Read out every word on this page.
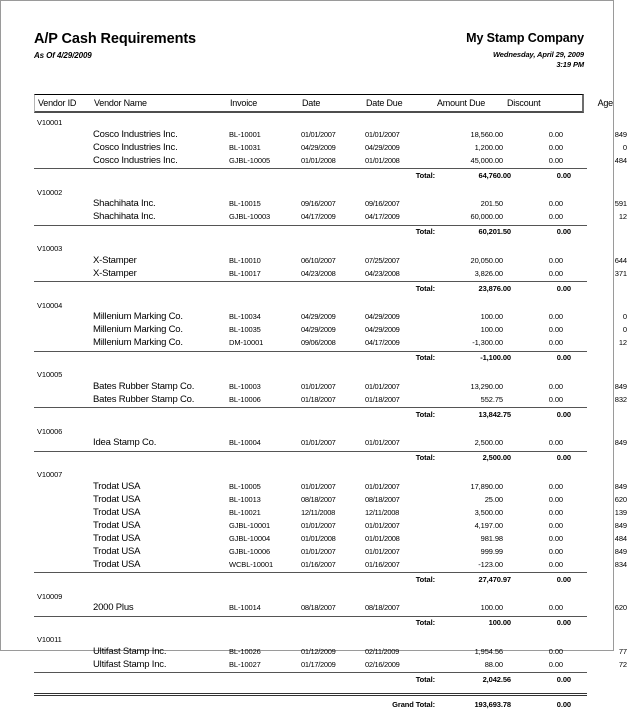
A/P Cash Requirements
As Of 4/29/2009
My Stamp Company
Wednesday, April 29, 2009
3:19 PM
Vendor ID	Vendor Name	Invoice	Date	Date Due	Amount Due	Discount	Age
V10001
Cosco Industries Inc.	BL-10001	01/01/2007	01/01/2007	18,560.00	0.00	849
Cosco Industries Inc.	BL-10031	04/29/2009	04/29/2009	1,200.00	0.00	0
Cosco Industries Inc.	GJBL-10005	01/01/2008	01/01/2008	45,000.00	0.00	484
Total:	64,760.00	0.00
V10002
Shachihata Inc.	BL-10015	09/16/2007	09/16/2007	201.50	0.00	591
Shachihata Inc.	GJBL-10003	04/17/2009	04/17/2009	60,000.00	0.00	12
Total:	60,201.50	0.00
V10003
X-Stamper	BL-10010	06/10/2007	07/25/2007	20,050.00	0.00	644
X-Stamper	BL-10017	04/23/2008	04/23/2008	3,826.00	0.00	371
Total:	23,876.00	0.00
V10004
Millenium Marking Co.	BL-10034	04/29/2009	04/29/2009	100.00	0.00	0
Millenium Marking Co.	BL-10035	04/29/2009	04/29/2009	100.00	0.00	0
Millenium Marking Co.	DM-10001	09/06/2008	04/17/2009	-1,300.00	0.00	12
Total:	-1,100.00	0.00
V10005
Bates Rubber Stamp Co.	BL-10003	01/01/2007	01/01/2007	13,290.00	0.00	849
Bates Rubber Stamp Co.	BL-10006	01/18/2007	01/18/2007	552.75	0.00	832
Total:	13,842.75	0.00
V10006
Idea Stamp Co.	BL-10004	01/01/2007	01/01/2007	2,500.00	0.00	849
Total:	2,500.00	0.00
V10007
Trodat USA	BL-10005	01/01/2007	01/01/2007	17,890.00	0.00	849
Trodat USA	BL-10013	08/18/2007	08/18/2007	25.00	0.00	620
Trodat USA	BL-10021	12/11/2008	12/11/2008	3,500.00	0.00	139
Trodat USA	GJBL-10001	01/01/2007	01/01/2007	4,197.00	0.00	849
Trodat USA	GJBL-10004	01/01/2008	01/01/2008	981.98	0.00	484
Trodat USA	GJBL-10006	01/01/2007	01/01/2007	999.99	0.00	849
Trodat USA	WCBL-10001	01/16/2007	01/16/2007	-123.00	0.00	834
Total:	27,470.97	0.00
V10009
2000 Plus	BL-10014	08/18/2007	08/18/2007	100.00	0.00	620
Total:	100.00	0.00
V10011
Ultifast Stamp Inc.	BL-10026	01/12/2009	02/11/2009	1,954.56	0.00	77
Ultifast Stamp Inc.	BL-10027	01/17/2009	02/16/2009	88.00	0.00	72
Total:	2,042.56	0.00
Grand Total:	193,693.78	0.00
